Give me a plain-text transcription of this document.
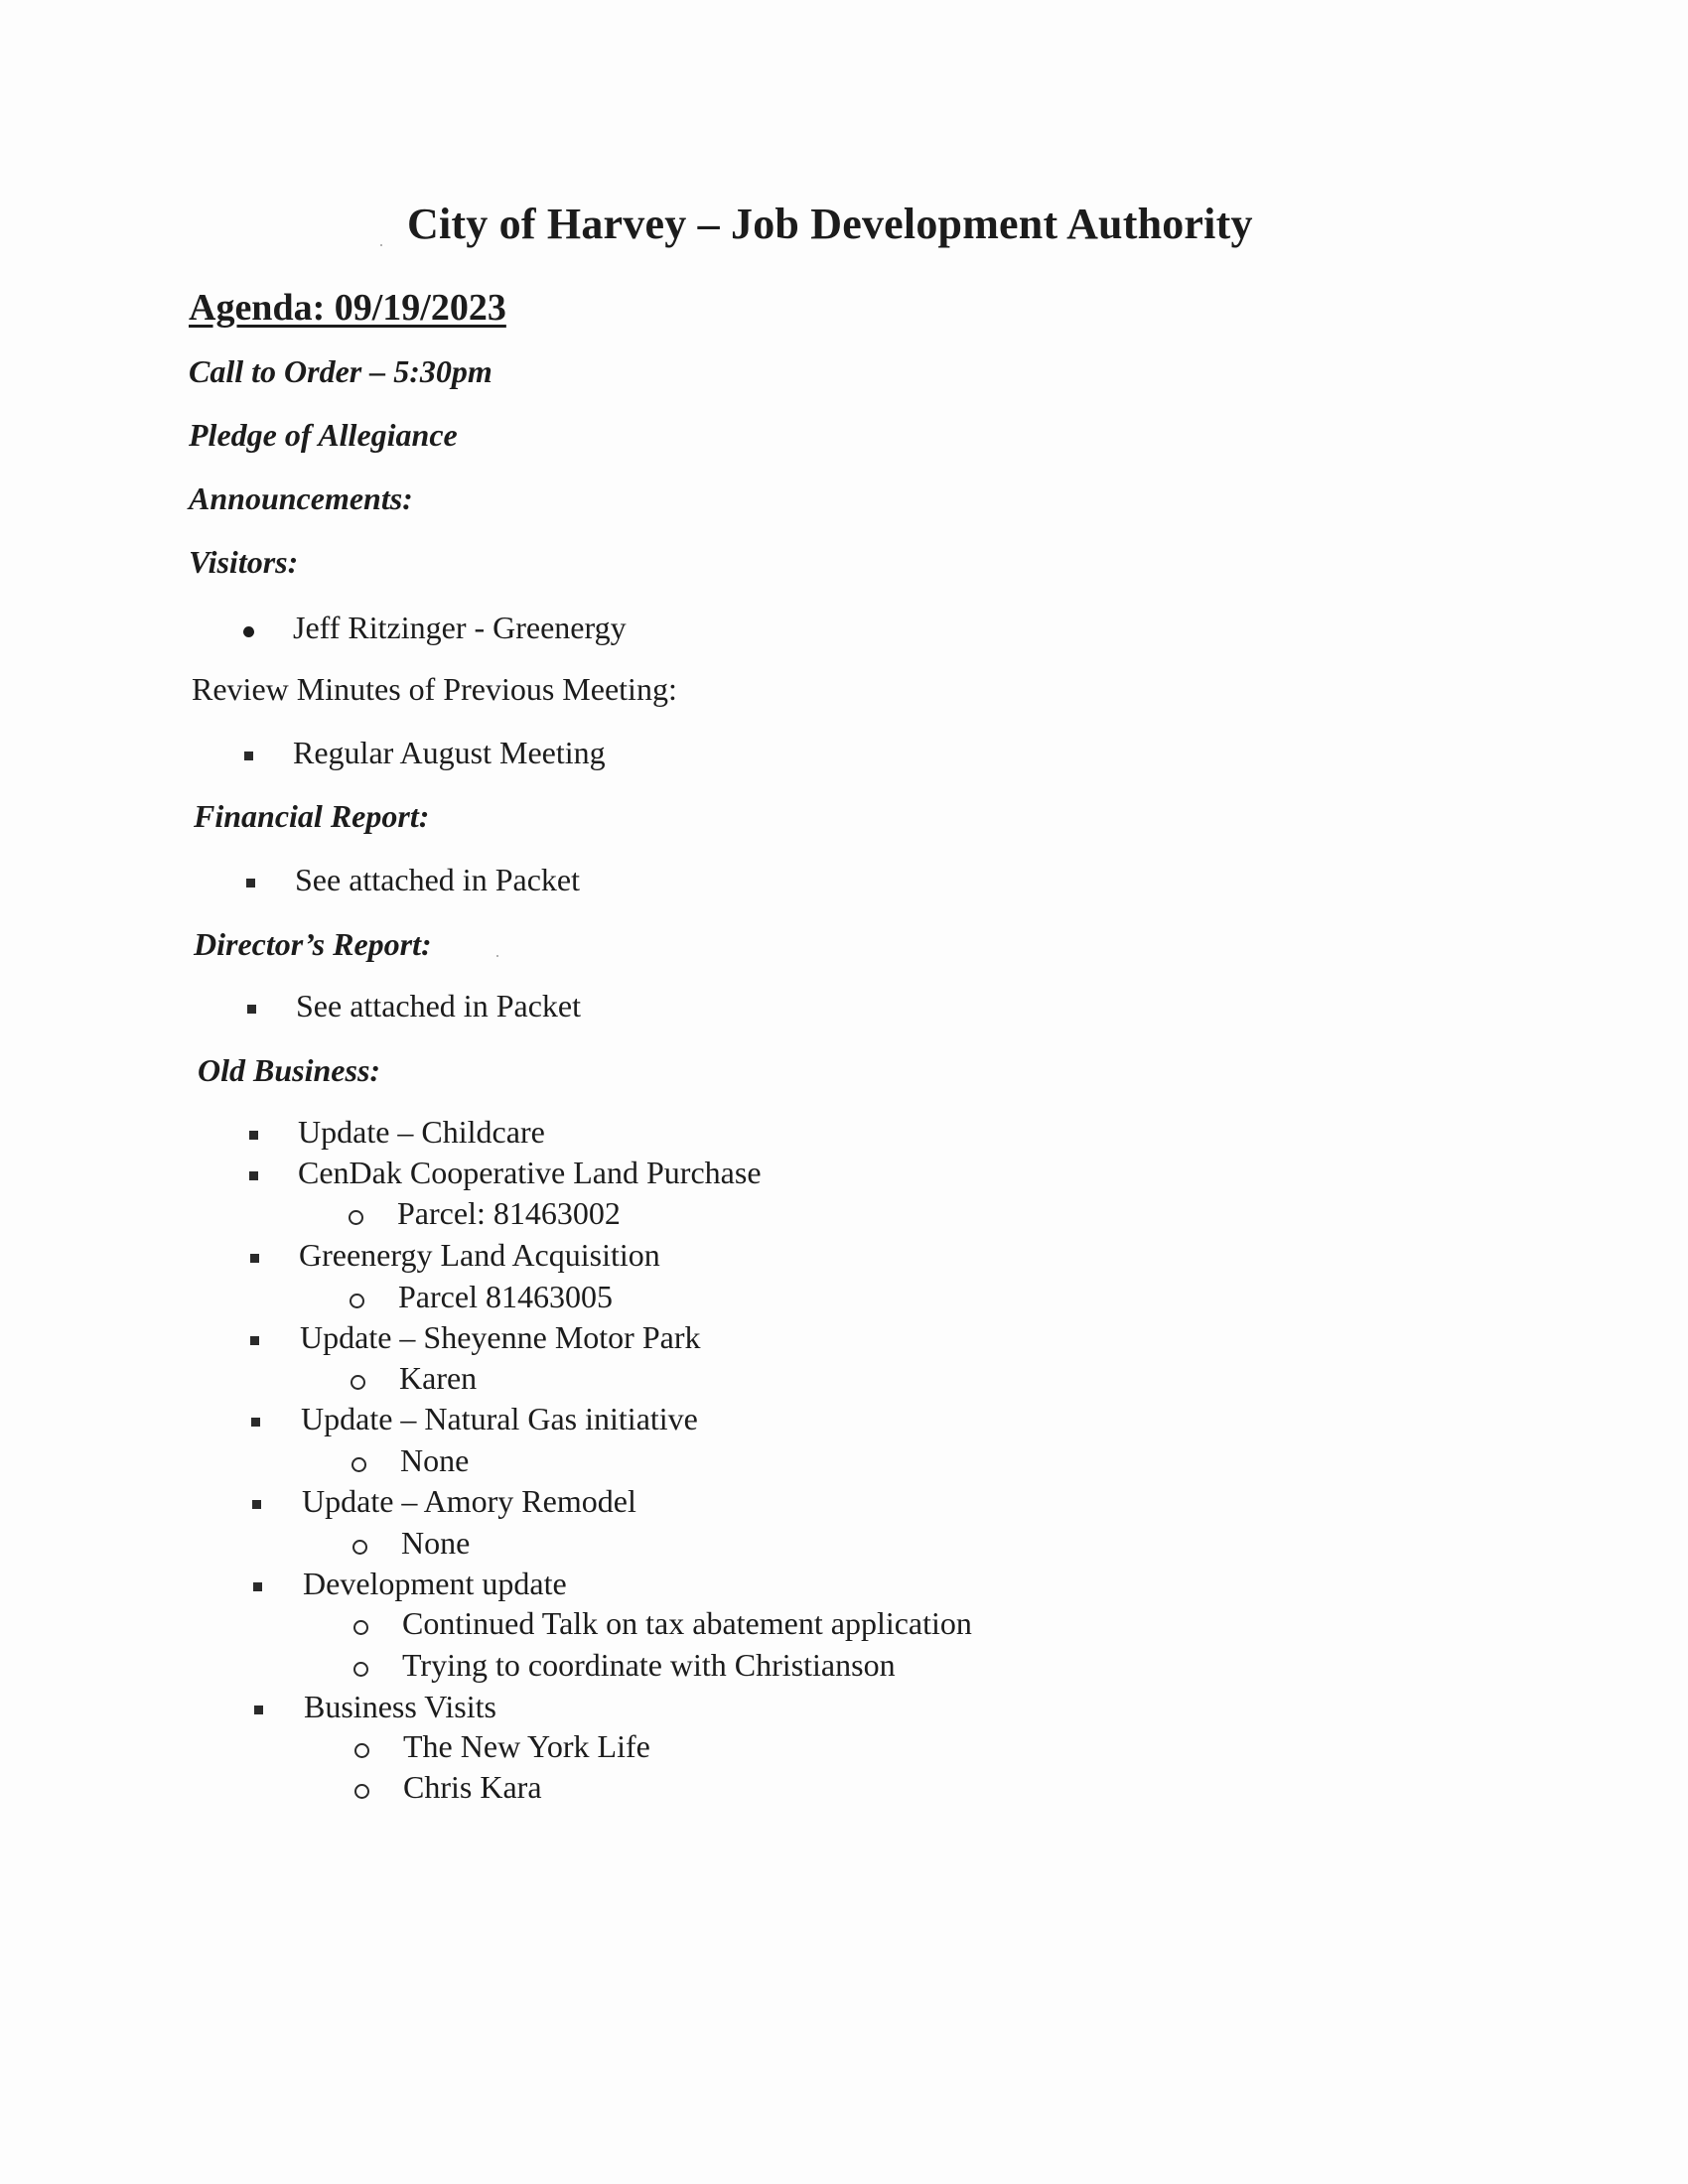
City of Harvey – Job Development Authority
Agenda: 09/19/2023
Call to Order – 5:30pm
Pledge of Allegiance
Announcements:
Visitors:
Jeff Ritzinger - Greenergy
Review Minutes of Previous Meeting:
Regular August Meeting
Financial Report:
See attached in Packet
Director’s Report:
See attached in Packet
Old Business:
Update – Childcare
CenDak Cooperative Land Purchase
Parcel: 81463002
Greenergy Land Acquisition
Parcel 81463005
Update – Sheyenne Motor Park
Karen
Update – Natural Gas initiative
None
Update – Amory Remodel
None
Development update
Continued Talk on tax abatement application
Trying to coordinate with Christianson
Business Visits
The New York Life
Chris Kara
